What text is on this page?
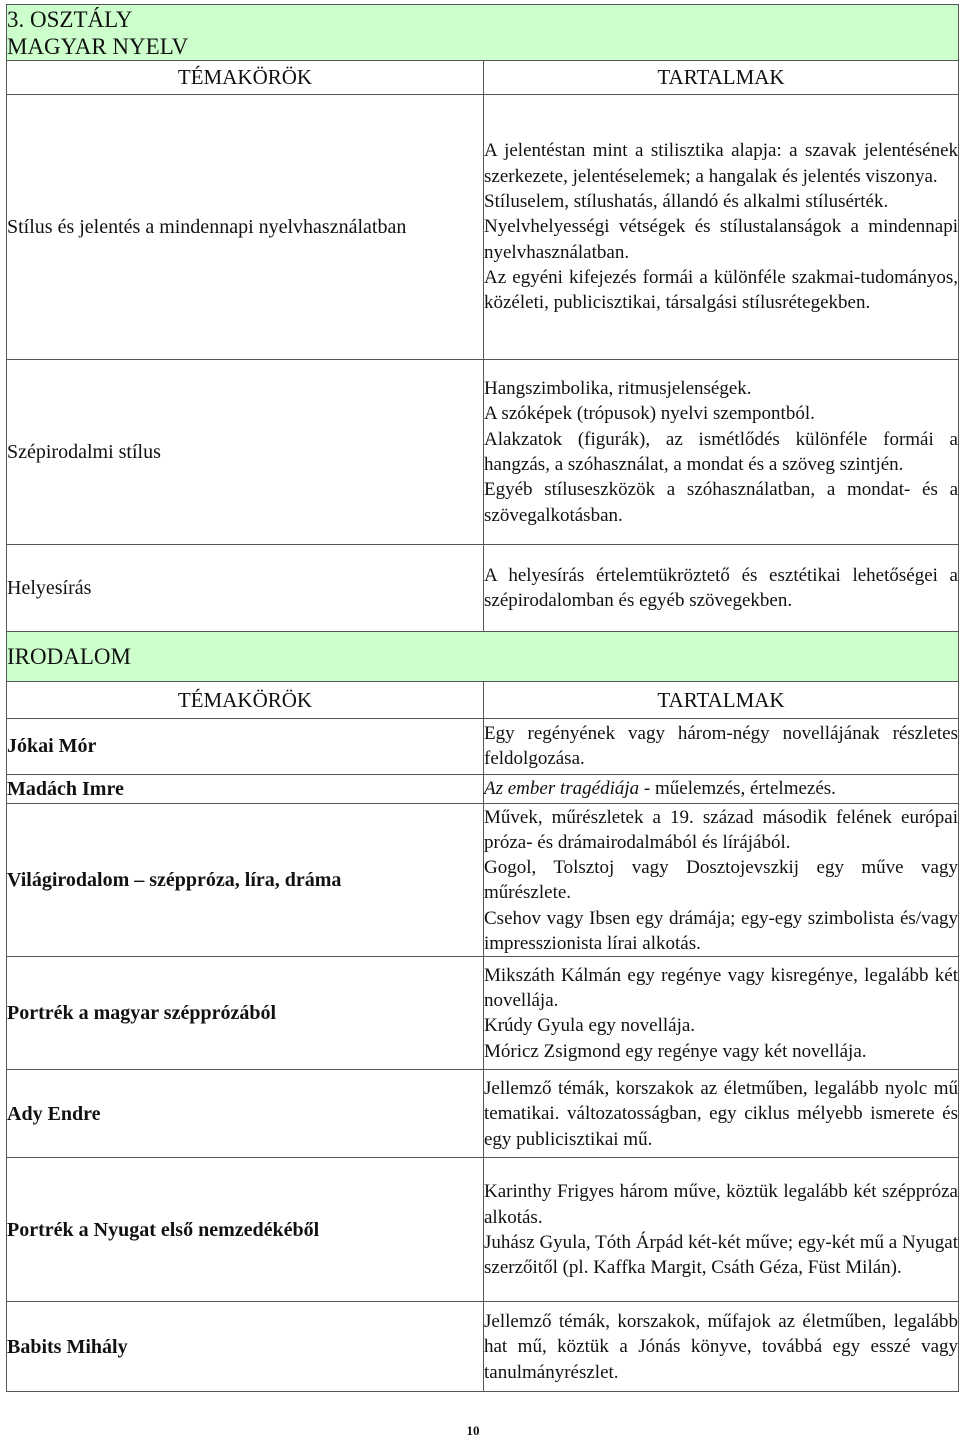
3. OSZTÁLY
MAGYAR NYELV	

TÉMAKÖRÖK	TARTALMAK
Stílus és jelentés a mindennapi nyelvhasználatban	A jelentéstan mint a stilisztika alapja: a szavak jelentésének szerkezete, jelentéselemek; a hangalak és jelentés viszonya.

Stíluselem, stílushatás, állandó és alkalmi stílusérték.

Nyelvhelyességi vétségek és stílustalanságok a mindennapi nyelvhasználatban.

Az egyéni kifejezés formái a különféle szakmai-tudományos, közéleti, publicisztikai, társalgási stílusrétegekben.

Szépirodalmi stílus	Hangszimbolika, ritmusjelenségek.

A szóképek (trópusok) nyelvi szempontból.

Alakzatok (figurák), az ismétlődés különféle formái a hangzás, a szóhasználat, a mondat és a szöveg szintjén.

Egyéb stíluseszközök a szóhasználatban, a mondat- és a szövegalkotásban.

Helyesírás	A helyesírás értelemtükröztető és esztétikai lehetőségei a szépirodalomban és egyéb szövegekben.

IRODALOM	

TÉMAKÖRÖK	TARTALMAK
Jókai Mór	Egy regényének vagy három-négy novellájának részletes feldolgozása.

Madách Imre	Az ember tragédiája - műelemzés, értelmezés.

Világirodalom – széppróza, líra, dráma	Művek, műrészletek a 19. század második felének európai próza- és drámairodalmából és lírájából.

Gogol, Tolsztoj vagy Dosztojevszkij egy műve vagy műrészlete.

Csehov vagy Ibsen egy drámája; egy-egy szimbolista és/vagy impresszionista lírai alkotás.

Portrék a magyar szépprózából	Mikszáth Kálmán egy regénye vagy kisregénye, legalább két novellája.

Krúdy Gyula egy novellája.

Móricz Zsigmond egy regénye vagy két novellája.

Ady Endre	Jellemző témák, korszakok az életműben, legalább nyolc mű tematikai. változatosságban, egy ciklus mélyebb ismerete és egy publicisztikai mű.

Portrék a Nyugat első nemzedékéből	Karinthy Frigyes három műve, köztük legalább két széppróza alkotás.

Juhász Gyula, Tóth Árpád két-két műve; egy-két mű a Nyugat szerzőitől (pl. Kaffka Margit, Csáth Géza, Füst Milán).

Babits Mihály	Jellemző témák, korszakok, műfajok az életműben, legalább hat mű, köztük a Jónás könyve, továbbá egy esszé vagy tanulmányrészlet.

10
